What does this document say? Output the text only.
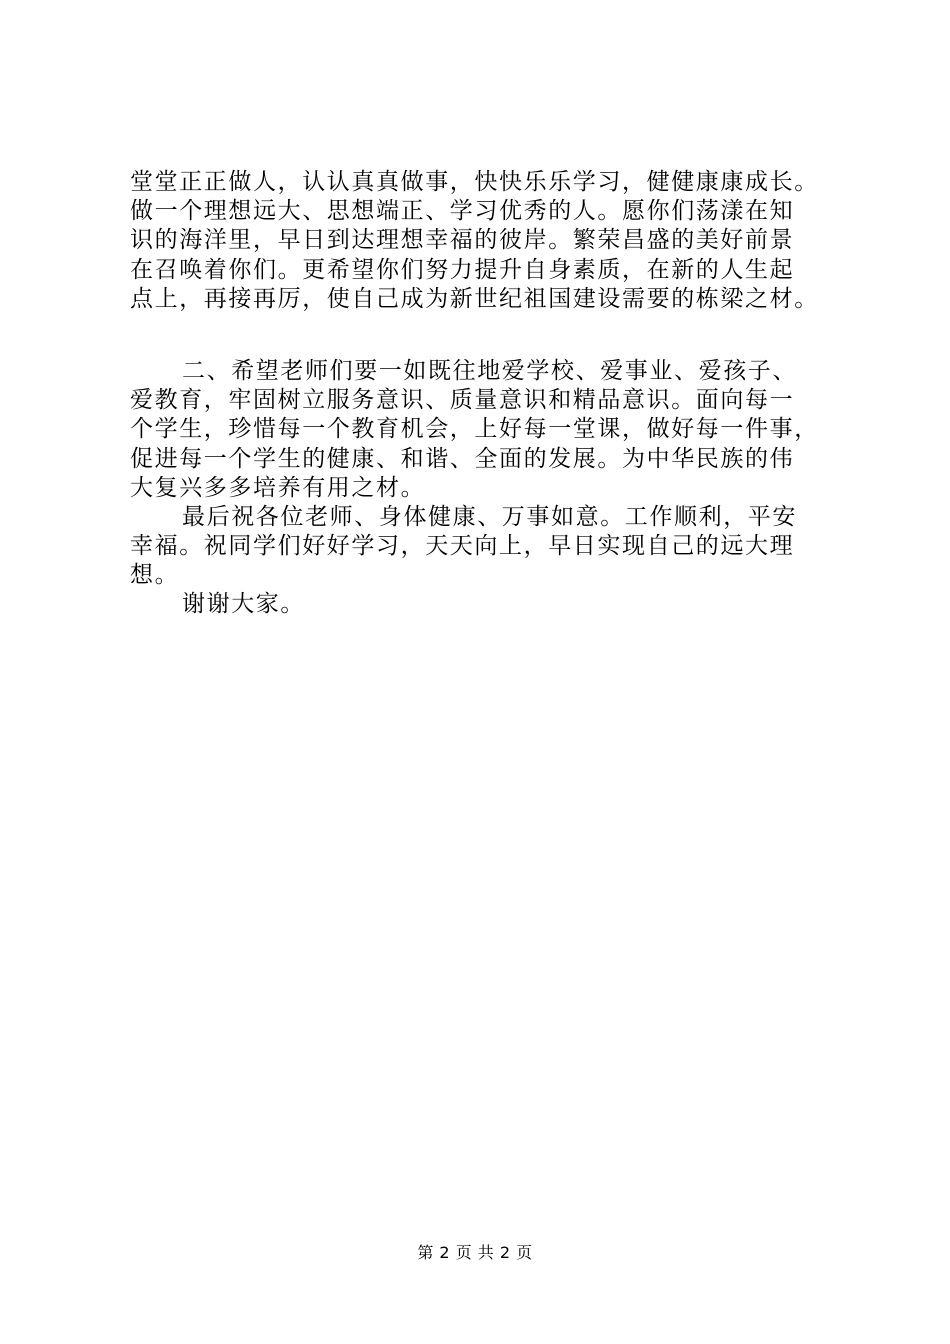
堂堂正正做人，认认真真做事，快快乐乐学习，健健康康成长。
做一个理想远大、思想端正、学习优秀的人。愿你们荡漾在知
识的海洋里，早日到达理想幸福的彼岸。繁荣昌盛的美好前景
在召唤着你们。更希望你们努力提升自身素质，在新的人生起
点上，再接再厉，使自己成为新世纪祖国建设需要的栋梁之材。
二、希望老师们要一如既往地爱学校、爱事业、爱孩子、
爱教育，牢固树立服务意识、质量意识和精品意识。面向每一
个学生，珍惜每一个教育机会，上好每一堂课，做好每一件事，
促进每一个学生的健康、和谐、全面的发展。为中华民族的伟
大复兴多多培养有用之材。
最后祝各位老师、身体健康、万事如意。工作顺利，平安
幸福。祝同学们好好学习，天天向上，早日实现自己的远大理
想。
谢谢大家。
第 2 页 共 2 页
